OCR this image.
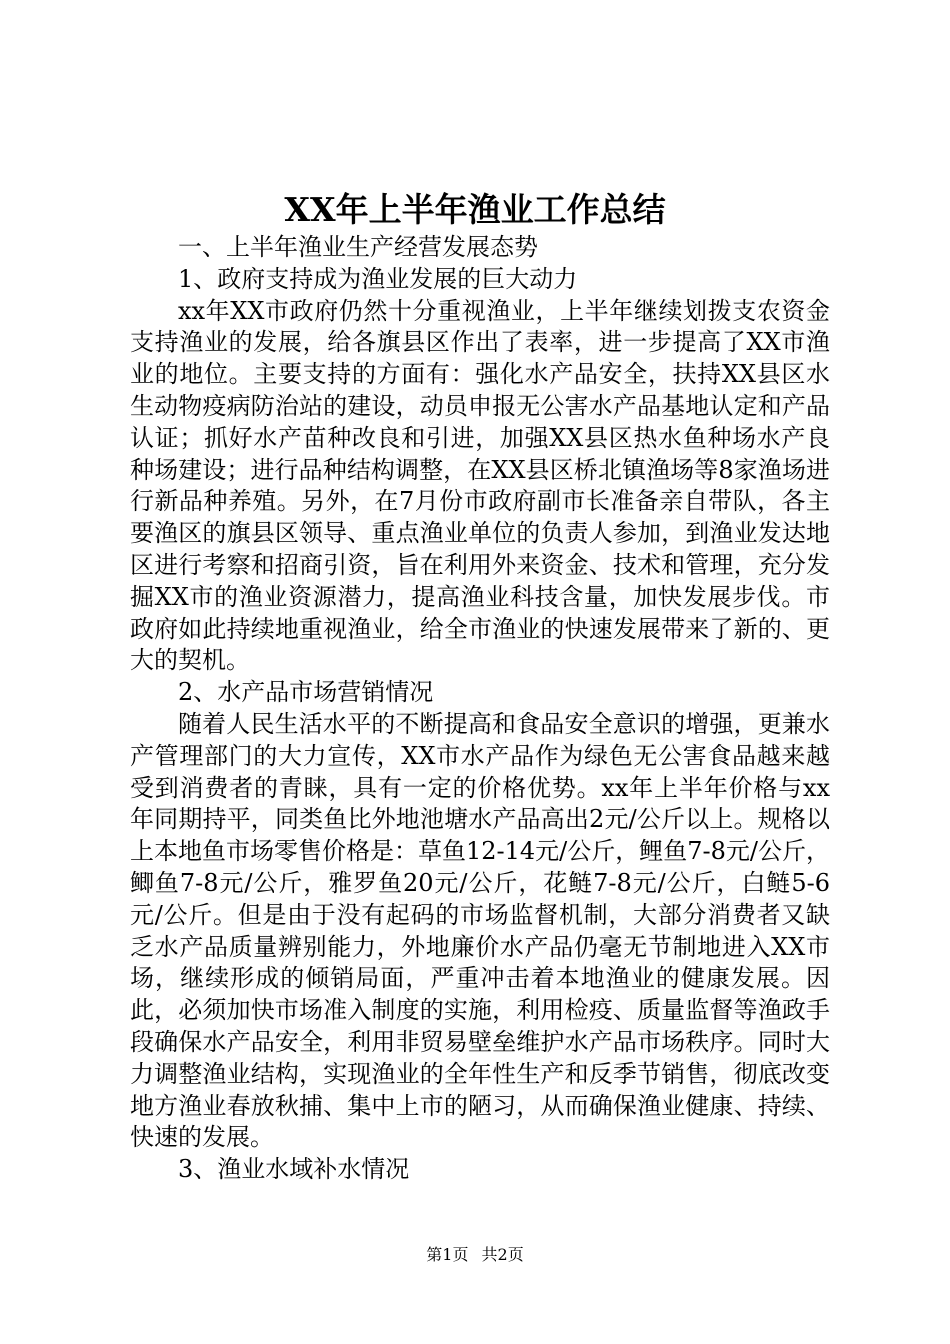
XX年上半年渔业工作总结

一、上半年渔业生产经营发展态势

1、政府支持成为渔业发展的巨大动力

xx年XX市政府仍然十分重视渔业，上半年继续划拨支农资金支持渔业的发展，给各旗县区作出了表率，进一步提高了XX市渔业的地位。主要支持的方面有：强化水产品安全，扶持XX县区水生动物疫病防治站的建设，动员申报无公害水产品基地认定和产品认证；抓好水产苗种改良和引进，加强XX县区热水鱼种场水产良种场建设；进行品种结构调整，在XX县区桥北镇渔场等8家渔场进行新品种养殖。另外，在7月份市政府副市长准备亲自带队，各主要渔区的旗县区领导、重点渔业单位的负责人参加，到渔业发达地区进行考察和招商引资，旨在利用外来资金、技术和管理，充分发掘XX市的渔业资源潜力，提高渔业科技含量，加快发展步伐。市政府如此持续地重视渔业，给全市渔业的快速发展带来了新的、更大的契机。

2、水产品市场营销情况

随着人民生活水平的不断提高和食品安全意识的增强，更兼水产管理部门的大力宣传，XX市水产品作为绿色无公害食品越来越受到消费者的青睐，具有一定的价格优势。xx年上半年价格与xx年同期持平，同类鱼比外地池塘水产品高出2元/公斤以上。规格以上本地鱼市场零售价格是：草鱼12-14元/公斤，鲤鱼7-8元/公斤，鲫鱼7-8元/公斤，雅罗鱼20元/公斤，花鲢7-8元/公斤，白鲢5-6元/公斤。但是由于没有起码的市场监督机制，大部分消费者又缺乏水产品质量辨别能力，外地廉价水产品仍毫无节制地进入XX市场，继续形成的倾销局面，严重冲击着本地渔业的健康发展。因此，必须加快市场准入制度的实施，利用检疫、质量监督等渔政手段确保水产品安全，利用非贸易壁垒维护水产品市场秩序。同时大力调整渔业结构，实现渔业的全年性生产和反季节销售，彻底改变地方渔业春放秋捕、集中上市的陋习，从而确保渔业健康、持续、快速的发展。

3、渔业水域补水情况

第1页 共2页
